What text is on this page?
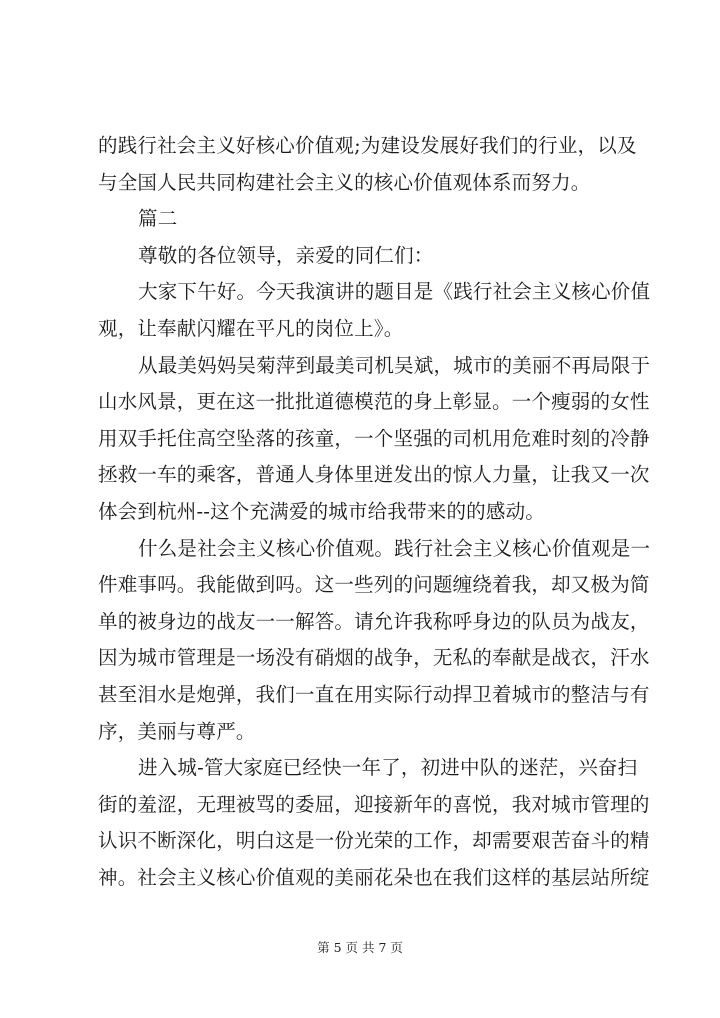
的践行社会主义好核心价值观;为建设发展好我们的行业，以及
与全国人民共同构建社会主义的核心价值观体系而努力。
篇二
尊敬的各位领导，亲爱的同仁们：
大家下午好。今天我演讲的题目是《践行社会主义核心价值
观，让奉献闪耀在平凡的岗位上》。
从最美妈妈吴菊萍到最美司机吴斌，城市的美丽不再局限于
山水风景，更在这一批批道德模范的身上彰显。一个瘦弱的女性
用双手托住高空坠落的孩童，一个坚强的司机用危难时刻的冷静
拯救一车的乘客，普通人身体里迸发出的惊人力量，让我又一次
体会到杭州--这个充满爱的城市给我带来的的感动。
什么是社会主义核心价值观。践行社会主义核心价值观是一
件难事吗。我能做到吗。这一些列的问题缠绕着我，却又极为简
单的被身边的战友一一解答。请允许我称呼身边的队员为战友，
因为城市管理是一场没有硝烟的战争，无私的奉献是战衣，汗水
甚至泪水是炮弹，我们一直在用实际行动捍卫着城市的整洁与有
序，美丽与尊严。
进入城-管大家庭已经快一年了，初进中队的迷茫，兴奋扫
街的羞涩，无理被骂的委屈，迎接新年的喜悦，我对城市管理的
认识不断深化，明白这是一份光荣的工作，却需要艰苦奋斗的精
神。社会主义核心价值观的美丽花朵也在我们这样的基层站所绽
第 5 页 共 7 页
